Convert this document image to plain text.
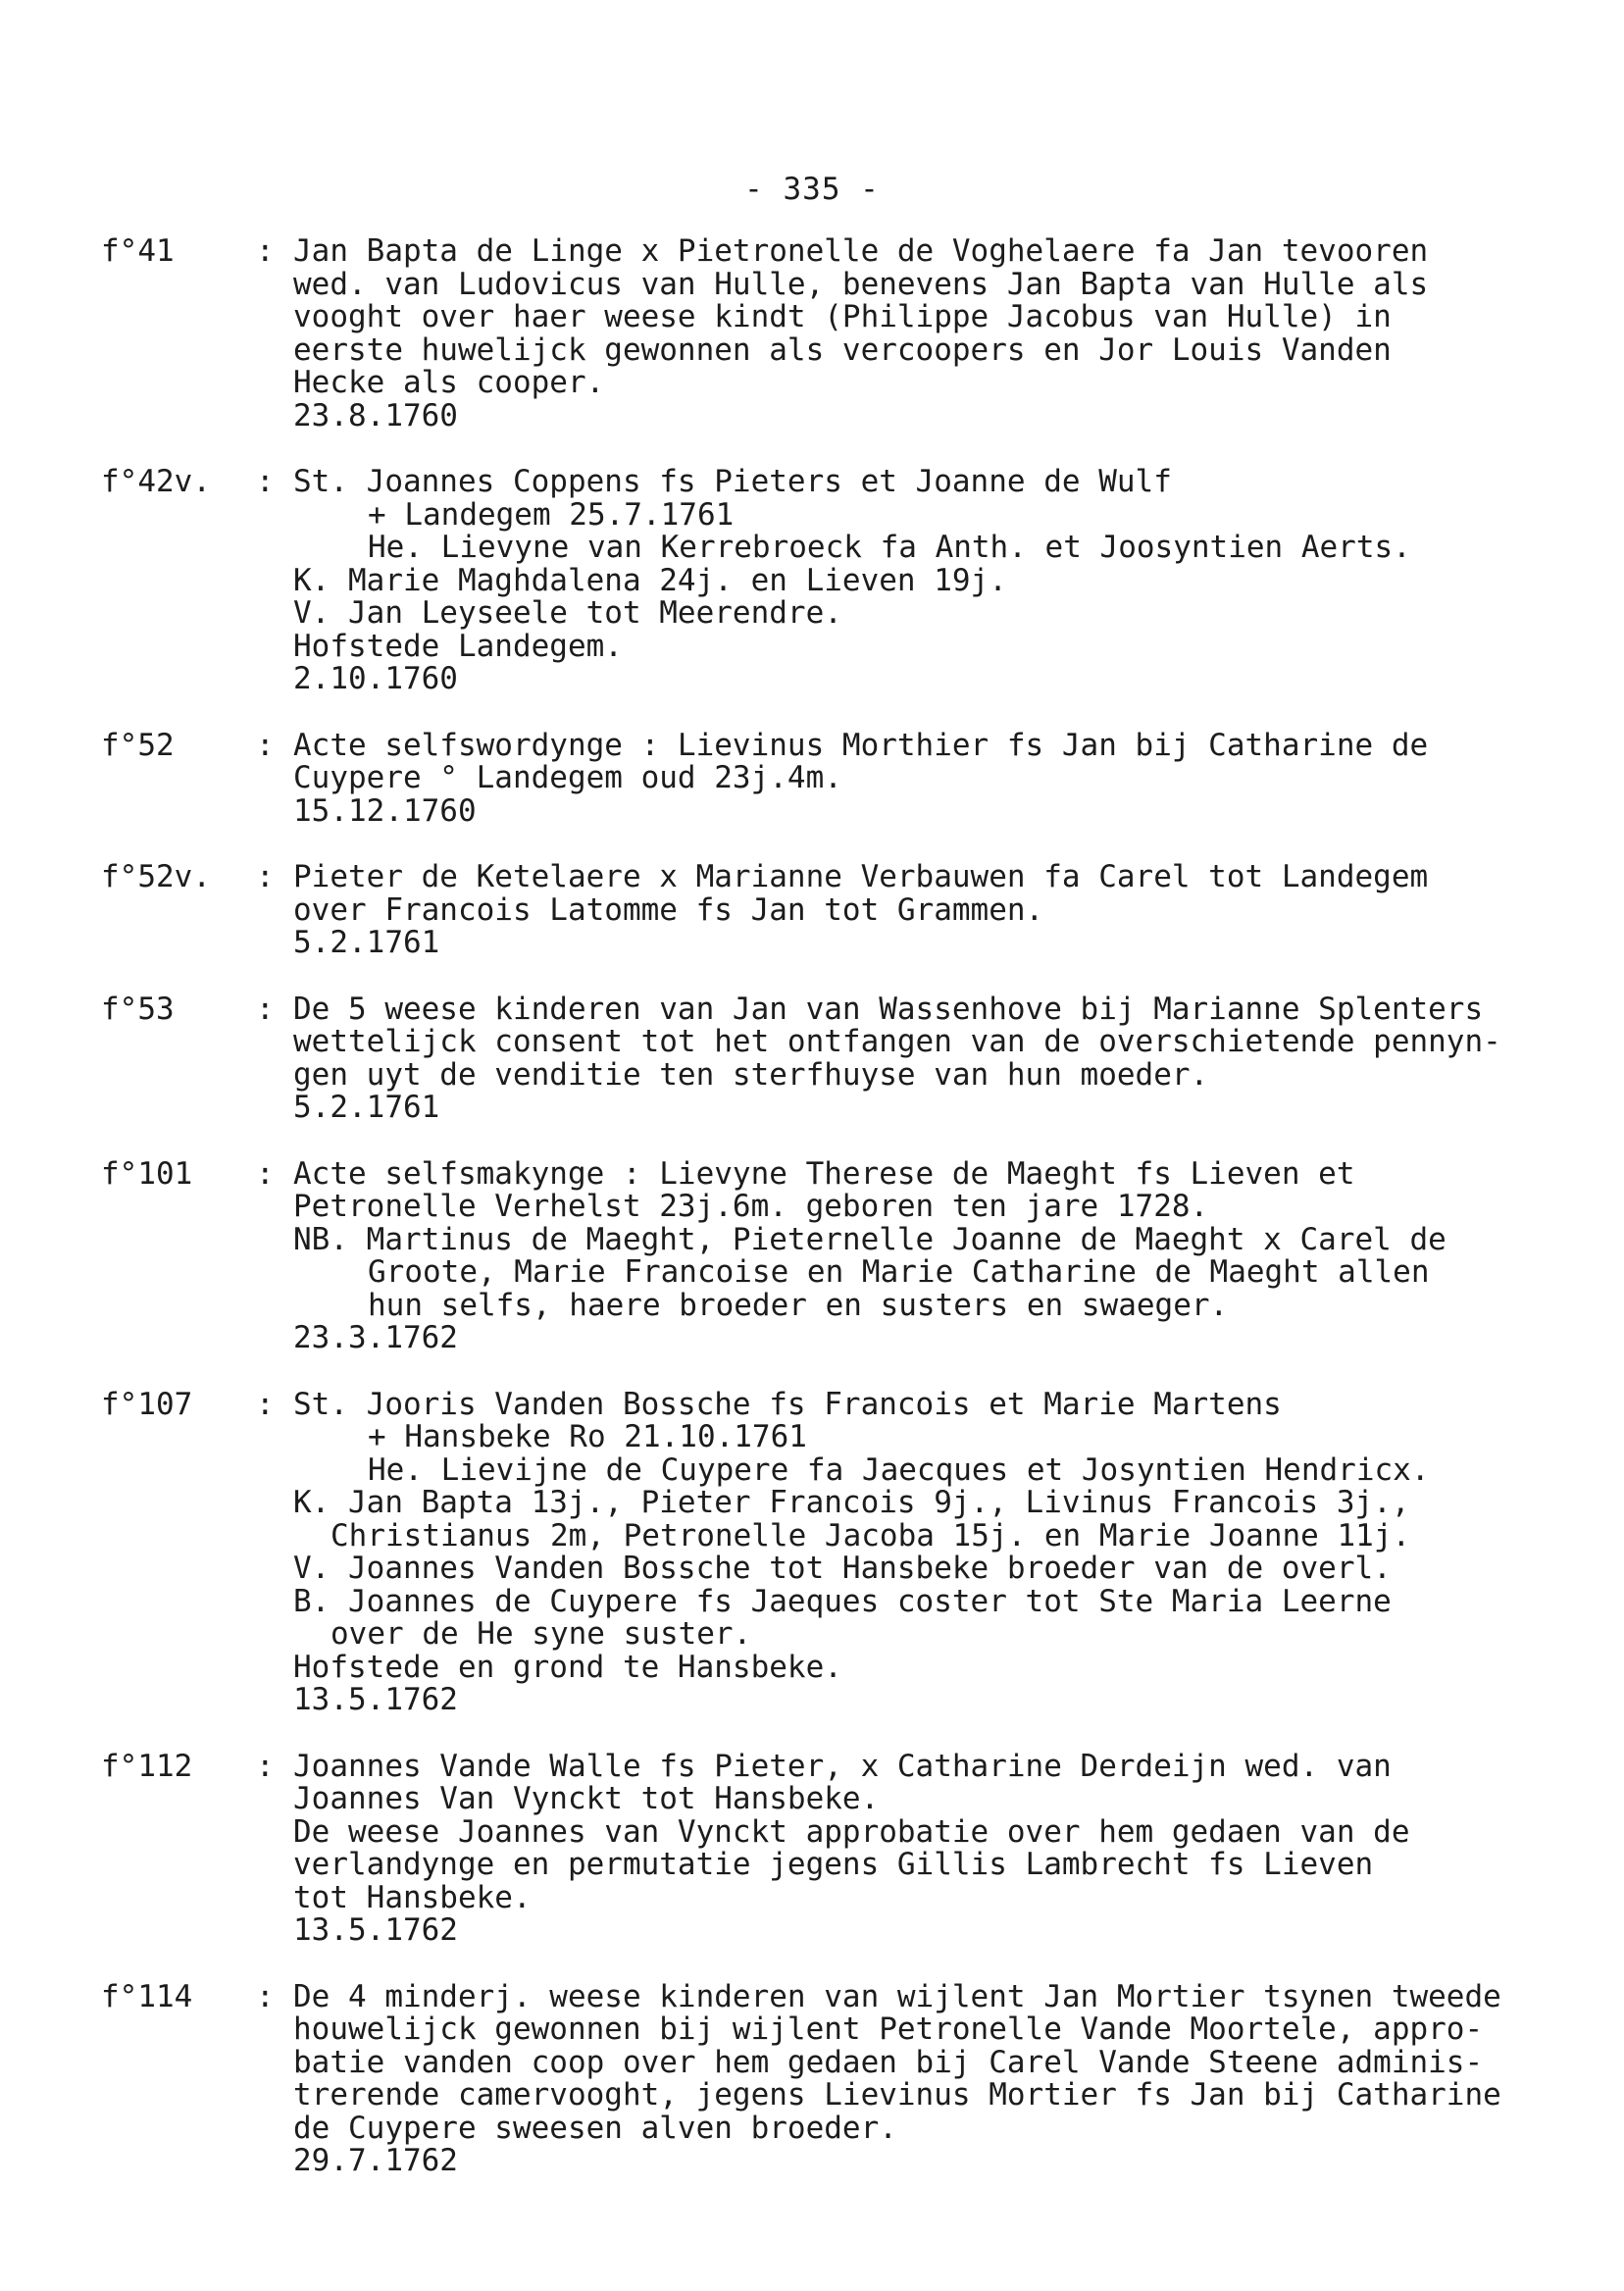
- 335 -
f°41	: Jan Bapta de Linge x Pietronelle de Voghelaere fa Jan tevooren
wed. van Ludovicus van Hulle, benevens Jan Bapta van Hulle als
vooght over haer weese kindt (Philippe Jacobus van Hulle) in
eerste huwelijck gewonnen als vercoopers en Jor Louis Vanden
Hecke als cooper.
23.8.1760
f°42v.	: St. Joannes Coppens fs Pieters et Joanne de Wulf
+ Landegem 25.7.1761
He. Lievyne van Kerrebroeck fa Anth. et Joosyntien Aerts.
K. Marie Maghdalena 24j. en Lieven 19j.
V. Jan Leyseele tot Meerendre.
Hofstede Landegem.
2.10.1760
f°52	: Acte selfswordynge : Lievinus Morthier fs Jan bij Catharine de
Cuypere ° Landegem oud 23j.4m.
15.12.1760
f°52v.	: Pieter de Ketelaere x Marianne Verbauwen fa Carel tot Landegem
over Francois Latomme fs Jan tot Grammen.
5.2.1761
f°53	: De 5 weese kinderen van Jan van Wassenhove bij Marianne Splenters
wettelijck consent tot het ontfangen van de overschietende pennyn-
gen uyt de venditie ten sterfhuyse van hun moeder.
5.2.1761
f°101	: Acte selfsmakynge : Lievyne Therese de Maeght fs Lieven et
Petronelle Verhelst 23j.6m. geboren ten jare 1728.
NB. Martinus de Maeght, Pieternelle Joanne de Maeght x Carel de
Groote, Marie Francoise en Marie Catharine de Maeght allen
hun selfs, haere broeder en susters en swaeger.
23.3.1762
f°107	: St. Jooris Vanden Bossche fs Francois et Marie Martens
+ Hansbeke Ro 21.10.1761
He. Lievijne de Cuypere fa Jaecques et Josyntien Hendricx.
K. Jan Bapta 13j., Pieter Francois 9j., Livinus Francois 3j.,
Christianus 2m, Petronelle Jacoba 15j. en Marie Joanne 11j.
V. Joannes Vanden Bossche tot Hansbeke broeder van de overl.
B. Joannes de Cuypere fs Jaeques coster tot Ste Maria Leerne
over de He syne suster.
Hofstede en grond te Hansbeke.
13.5.1762
f°112	: Joannes Vande Walle fs Pieter, x Catharine Derdeijn wed. van
Joannes Van Vynckt tot Hansbeke.
De weese Joannes van Vynckt approbatie over hem gedaen van de
verlandynge en permutatie jegens Gillis Lambrecht fs Lieven
tot Hansbeke.
13.5.1762
f°114	: De 4 minderj. weese kinderen van wijlent Jan Mortier tsynen tweede
houwelijck gewonnen bij wijlent Petronelle Vande Moortele, appro-
batie vanden coop over hem gedaen bij Carel Vande Steene adminis-
trerende camervooght, jegens Lievinus Mortier fs Jan bij Catharine
de Cuypere sweesen alven broeder.
29.7.1762
